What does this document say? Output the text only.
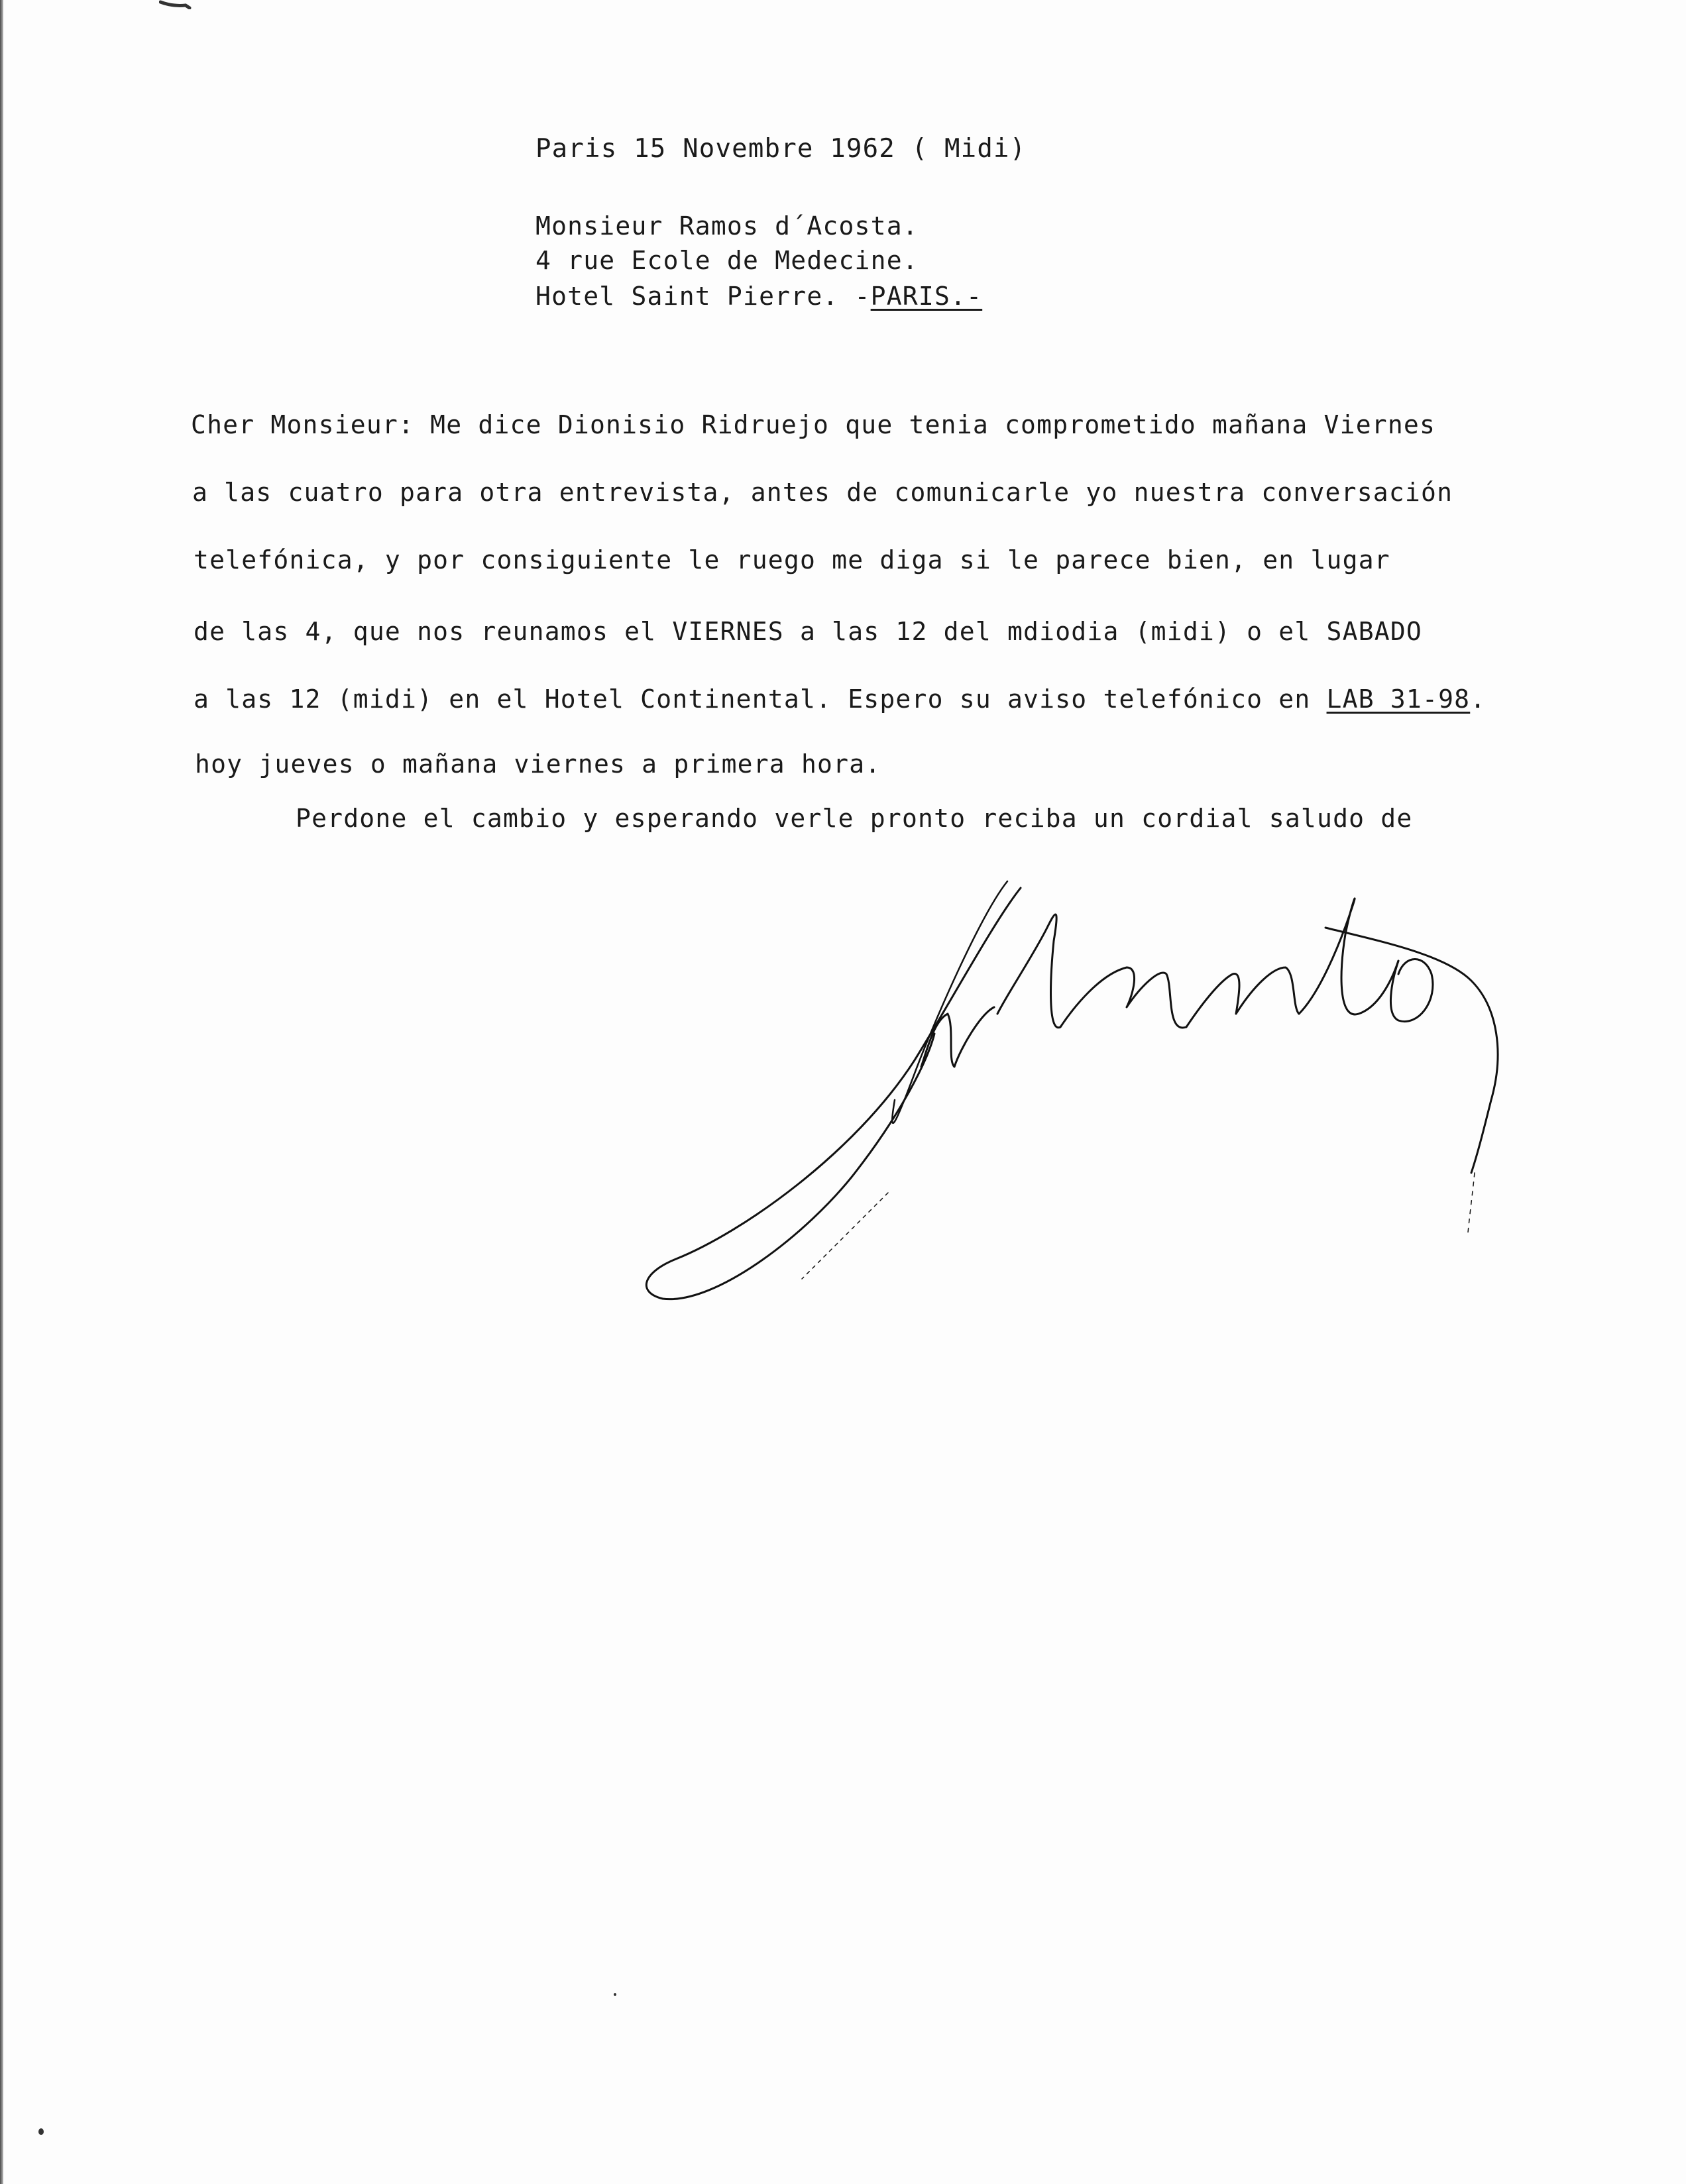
Paris 15 Novembre 1962 ( Midi)
Monsieur Ramos d´Acosta.
4 rue Ecole de Medecine.
Hotel Saint Pierre. -PARIS.-
Cher Monsieur: Me dice Dionisio Ridruejo que tenia comprometido mañana Viernes
a las cuatro para otra entrevista, antes de comunicarle yo nuestra conversación
telefónica, y por consiguiente le ruego me diga si le parece bien, en lugar
de las 4, que nos reunamos el VIERNES a las 12 del mdiodia (midi) o el SABADO
a las 12 (midi) en el Hotel Continental. Espero su aviso telefónico en LAB 31-98.
hoy jueves o mañana viernes a primera hora.
Perdone el cambio y esperando verle pronto reciba un cordial saludo de
